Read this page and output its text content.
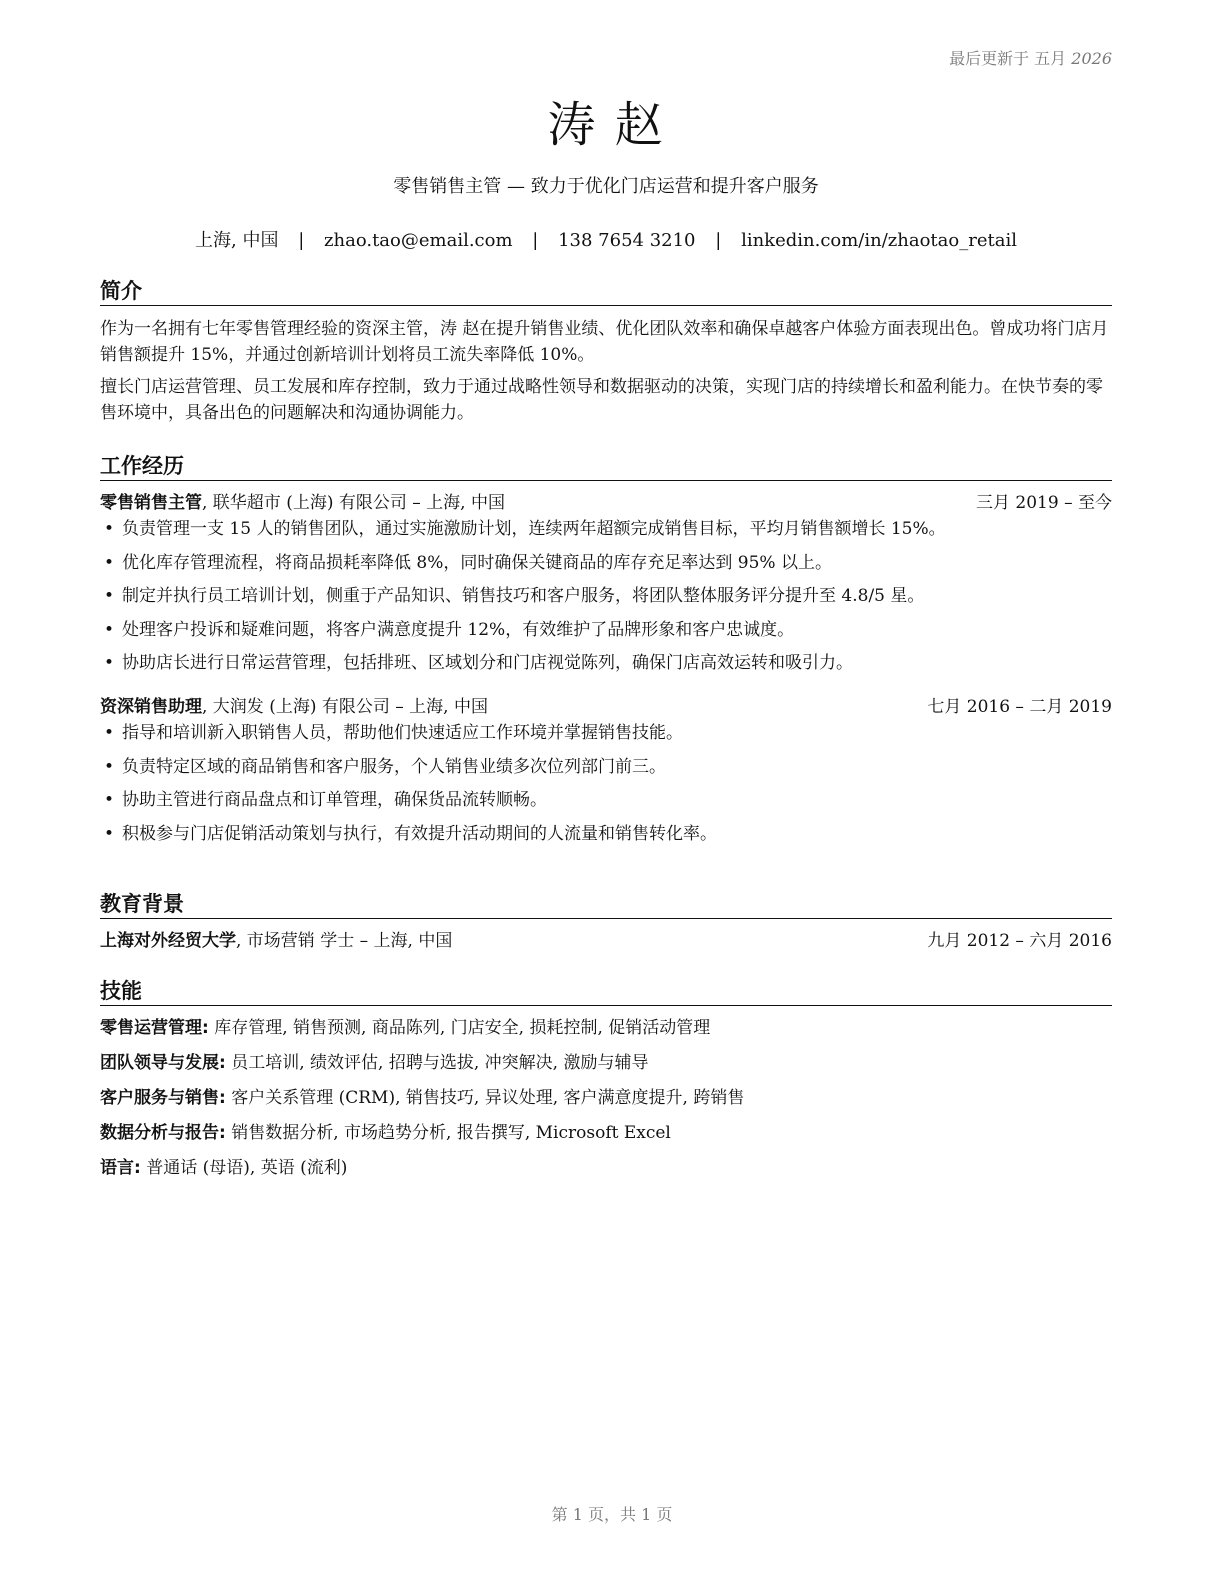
最后更新于 五月 2026
涛 赵
零售销售主管 — 致力于优化门店运营和提升客户服务
上海, 中国 | zhao.tao@email.com | 138 7654 3210 | linkedin.com/in/zhaotao_retail
简介

作为一名拥有七年零售管理经验的资深主管，涛 赵在提升销售业绩、优化团队效率和确保卓越客户体验方面表现出色。曾成功将门店月销售额提升 15%，并通过创新培训计划将员工流失率降低 10%。

擅长门店运营管理、员工发展和库存控制，致力于通过战略性领导和数据驱动的决策，实现门店的持续增长和盈利能力。在快节奏的零售环境中，具备出色的问题解决和沟通协调能力。

工作经历
零售销售主管, 联华超市 (上海) 有限公司 – 上海, 中国	三月 2019 – 至今
• 负责管理一支 15 人的销售团队，通过实施激励计划，连续两年超额完成销售目标，平均月销售额增长 15%。
• 优化库存管理流程，将商品损耗率降低 8%，同时确保关键商品的库存充足率达到 95% 以上。
• 制定并执行员工培训计划，侧重于产品知识、销售技巧和客户服务，将团队整体服务评分提升至 4.8/5 星。
• 处理客户投诉和疑难问题，将客户满意度提升 12%，有效维护了品牌形象和客户忠诚度。
• 协助店长进行日常运营管理，包括排班、区域划分和门店视觉陈列，确保门店高效运转和吸引力。
资深销售助理, 大润发 (上海) 有限公司 – 上海, 中国	七月 2016 – 二月 2019
• 指导和培训新入职销售人员，帮助他们快速适应工作环境并掌握销售技能。
• 负责特定区域的商品销售和客户服务，个人销售业绩多次位列部门前三。
• 协助主管进行商品盘点和订单管理，确保货品流转顺畅。
• 积极参与门店促销活动策划与执行，有效提升活动期间的人流量和销售转化率。
教育背景
上海对外经贸大学, 市场营销 学士 – 上海, 中国	九月 2012 – 六月 2016
技能
零售运营管理: 库存管理, 销售预测, 商品陈列, 门店安全, 损耗控制, 促销活动管理
团队领导与发展: 员工培训, 绩效评估, 招聘与选拔, 冲突解决, 激励与辅导
客户服务与销售: 客户关系管理 (CRM), 销售技巧, 异议处理, 客户满意度提升, 跨销售
数据分析与报告: 销售数据分析, 市场趋势分析, 报告撰写, Microsoft Excel
语言: 普通话 (母语), 英语 (流利)
第 1 页，共 1 页
